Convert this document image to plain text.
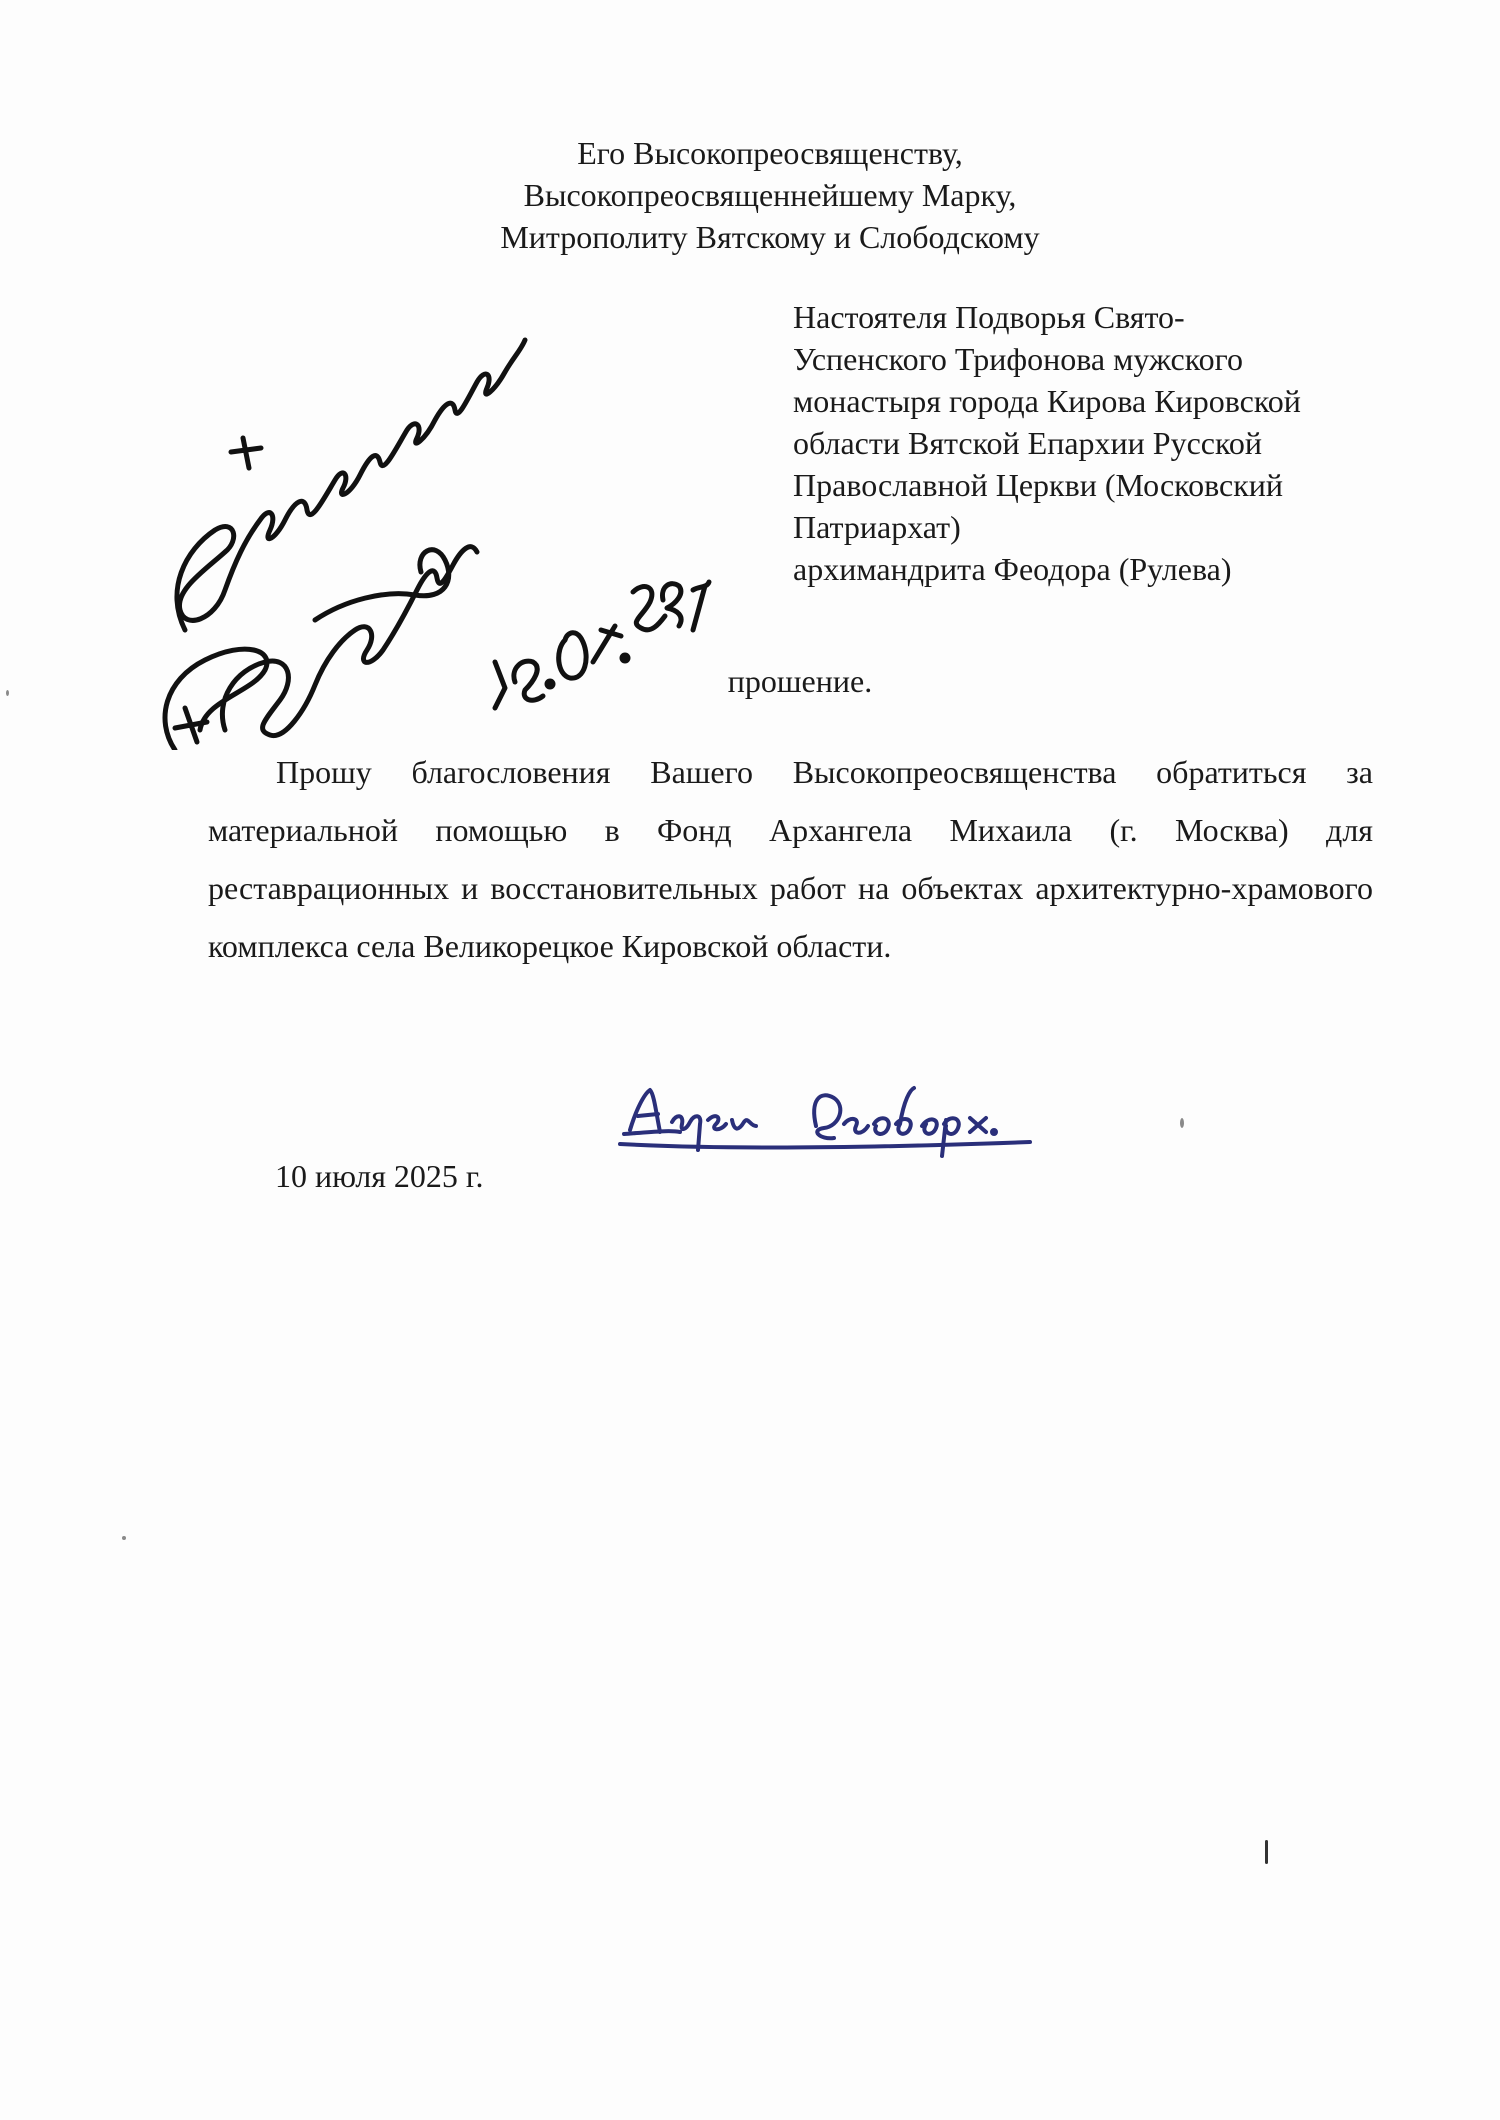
Его Высокопреосвященству,
Высокопреосвященнейшему Марку,
Митрополиту Вятскому и Слободскому
Настоятеля Подворья Свято-
Успенского Трифонова мужского
монастыря города Кирова Кировской
области Вятской Епархии Русской
Православной Церкви (Московский
Патриархат)
архимандрита Феодора (Рулева)
прошение.

Прошу благословения Вашего Высокопреосвященства обратиться за материальной помощью в Фонд Архангела Михаила (г. Москва) для реставрационных и восстановительных работ на объектах архитектурно-храмового комплекса села Великорецкое Кировской области.

10 июля 2025 г.
